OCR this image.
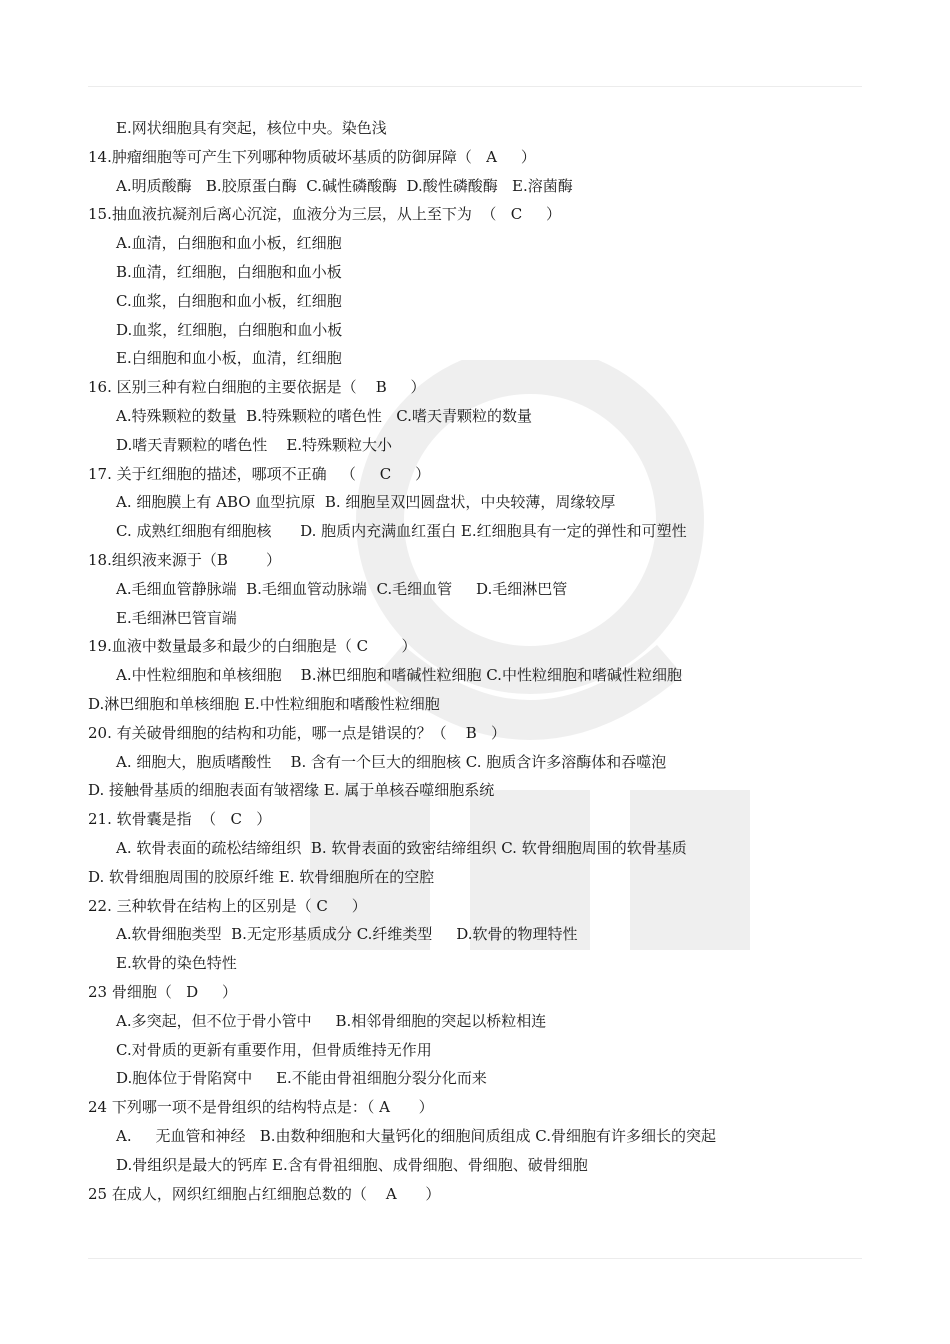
E.网状细胞具有突起，核位中央。染色浅
14.肿瘤细胞等可产生下列哪种物质破坏基质的防御屏障（   A     ）
A.明质酸酶   B.胶原蛋白酶  C.碱性磷酸酶  D.酸性磷酸酶   E.溶菌酶
15.抽血液抗凝剂后离心沉淀，血液分为三层，从上至下为  （   C     ）
A.血清，白细胞和血小板，红细胞
B.血清，红细胞，白细胞和血小板
C.血浆，白细胞和血小板，红细胞
D.血浆，红细胞，白细胞和血小板
E.白细胞和血小板，血清，红细胞
16. 区别三种有粒白细胞的主要依据是（    B     ）
A.特殊颗粒的数量  B.特殊颗粒的嗜色性   C.嗜天青颗粒的数量
D.嗜天青颗粒的嗜色性    E.特殊颗粒大小
17. 关于红细胞的描述，哪项不正确   （     C     ）
A. 细胞膜上有 ABO 血型抗原  B. 细胞呈双凹圆盘状，中央较薄，周缘较厚
C. 成熟红细胞有细胞核      D. 胞质内充满血红蛋白 E.红细胞具有一定的弹性和可塑性
18.组织液来源于（B        ）
A.毛细血管静脉端  B.毛细血管动脉端  C.毛细血管     D.毛细淋巴管
E.毛细淋巴管盲端
19.血液中数量最多和最少的白细胞是（ C       ）
A.中性粒细胞和单核细胞    B.淋巴细胞和嗜碱性粒细胞 C.中性粒细胞和嗜碱性粒细胞
D.淋巴细胞和单核细胞 E.中性粒细胞和嗜酸性粒细胞
20. 有关破骨细胞的结构和功能，哪一点是错误的？（    B   ）
A. 细胞大，胞质嗜酸性    B. 含有一个巨大的细胞核 C. 胞质含许多溶酶体和吞噬泡
D. 接触骨基质的细胞表面有皱褶缘 E. 属于单核吞噬细胞系统
21. 软骨囊是指  （   C   ）
A. 软骨表面的疏松结缔组织  B. 软骨表面的致密结缔组织 C. 软骨细胞周围的软骨基质
D. 软骨细胞周围的胶原纤维 E. 软骨细胞所在的空腔
22. 三种软骨在结构上的区别是（ C     ）
A.软骨细胞类型  B.无定形基质成分 C.纤维类型     D.软骨的物理特性
E.软骨的染色特性
23 骨细胞（   D     ）
A.多突起，但不位于骨小管中     B.相邻骨细胞的突起以桥粒相连
C.对骨质的更新有重要作用，但骨质维持无作用
D.胞体位于骨陷窝中     E.不能由骨祖细胞分裂分化而来
24 下列哪一项不是骨组织的结构特点是：（ A      ）
A.     无血管和神经   B.由数种细胞和大量钙化的细胞间质组成 C.骨细胞有许多细长的突起
D.骨组织是最大的钙库 E.含有骨祖细胞、成骨细胞、骨细胞、破骨细胞
25 在成人，网织红细胞占红细胞总数的（    A      ）
